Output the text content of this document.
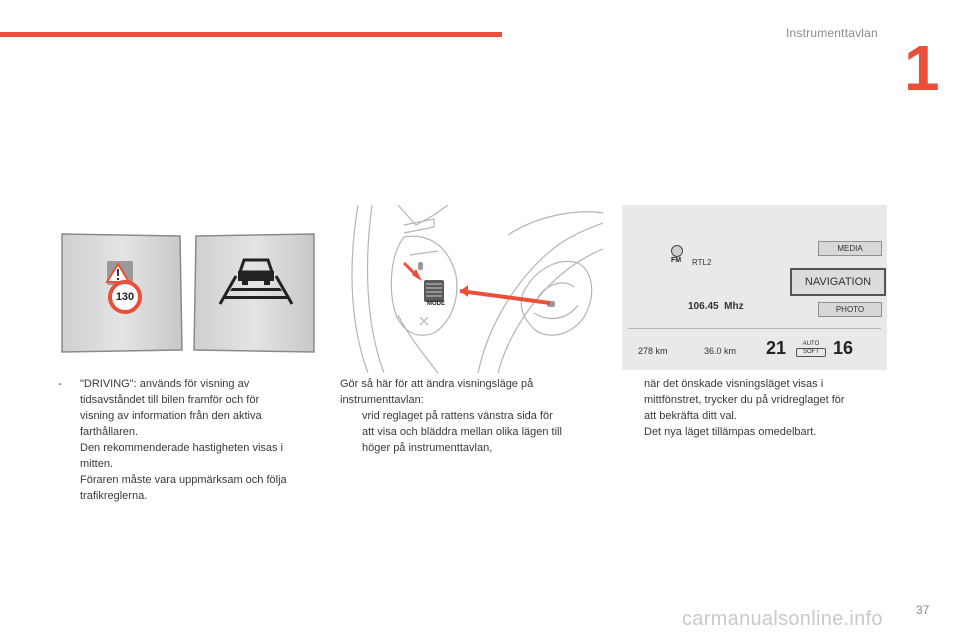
Instrumenttavlan 1
130
MODE
FM	RTL2
106.45  Mhz
MEDIA
NAVIGATION
PHOTO
278 km	36.0 km 21	AUTO
SOFT 16
- "DRIVING": används för visning av

tidsavståndet till bilen framför och för

visning av information från den aktiva

farthållaren.

Den rekommenderade hastigheten visas i

mitten.

Föraren måste vara uppmärksam och följa

trafikreglerna.

Gör så här för att ändra visningsläge på

instrumenttavlan:

vrid reglaget på rattens vänstra sida för

att visa och bläddra mellan olika lägen till

höger på instrumenttavlan,

när det önskade visningsläget visas i

mittfönstret, trycker du på vridreglaget för

att bekräfta ditt val.

Det nya läget tillämpas omedelbart.

carmanualsonline.info	37
